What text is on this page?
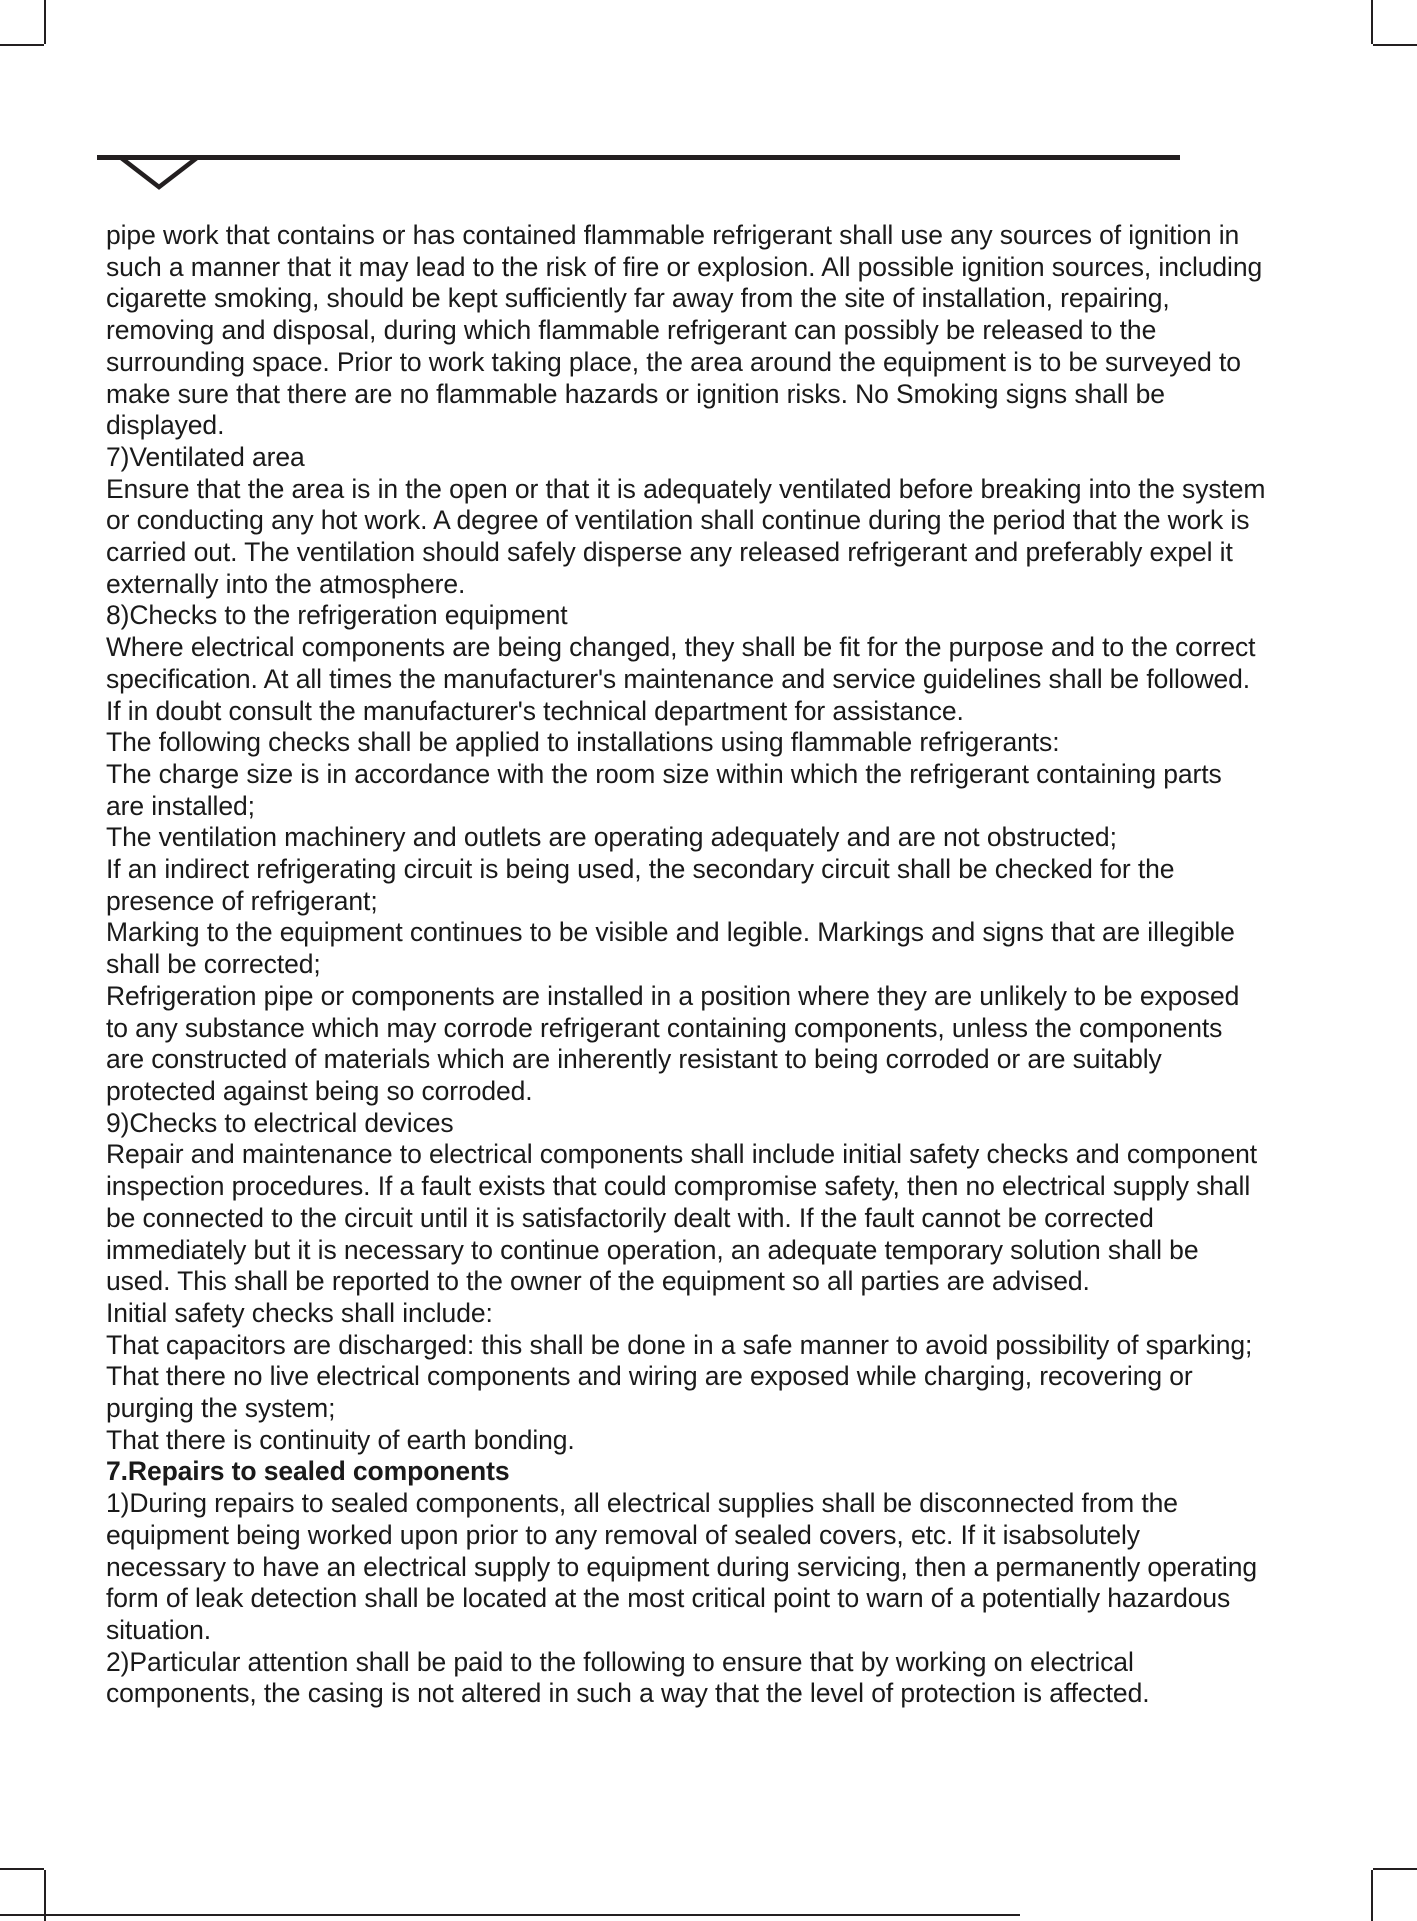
pipe work that contains or has contained flammable refrigerant shall use any sources of ignition in such a manner that it may lead to the risk of fire or explosion. All possible ignition sources, including cigarette smoking, should be kept sufficiently far away from the site of installation, repairing, removing and disposal, during which flammable refrigerant can possibly be released to the surrounding space. Prior to work taking place, the area around the equipment is to be surveyed to make sure that there are no flammable hazards or ignition risks. No Smoking signs shall be displayed.

7)Ventilated area

Ensure that the area is in the open or that it is adequately ventilated before breaking into the system or conducting any hot work. A degree of ventilation shall continue during the period that the work is carried out. The ventilation should safely disperse any released refrigerant and preferably expel it externally into the atmosphere.

8)Checks to the refrigeration equipment

Where electrical components are being changed, they shall be fit for the purpose and to the correct specification. At all times the manufacturer's maintenance and service guidelines shall be followed. If in doubt consult the manufacturer's technical department for assistance.

The following checks shall be applied to installations using flammable refrigerants:

The charge size is in accordance with the room size within which the refrigerant containing parts are installed;

The ventilation machinery and outlets are operating adequately and are not obstructed;

If an indirect refrigerating circuit is being used, the secondary circuit shall be checked for the presence of refrigerant;

Marking to the equipment continues to be visible and legible. Markings and signs that are illegible shall be corrected;

Refrigeration pipe or components are installed in a position where they are unlikely to be exposed to any substance which may corrode refrigerant containing components, unless the components are constructed of materials which are inherently resistant to being corroded or are suitably protected against being so corroded.

9)Checks to electrical devices

Repair and maintenance to electrical components shall include initial safety checks and component inspection procedures. If a fault exists that could compromise safety, then no electrical supply shall be connected to the circuit until it is satisfactorily dealt with. If the fault cannot be corrected immediately but it is necessary to continue operation, an adequate temporary solution shall be used. This shall be reported to the owner of the equipment so all parties are advised.

Initial safety checks shall include:

That capacitors are discharged: this shall be done in a safe manner to avoid possibility of sparking;

That there no live electrical components and wiring are exposed while charging, recovering or purging the system;

That there is continuity of earth bonding.

7.Repairs to sealed components

1)During repairs to sealed components, all electrical supplies shall be disconnected from the equipment being worked upon prior to any removal of sealed covers, etc. If it isabsolutely necessary to have an electrical supply to equipment during servicing, then a permanently operating form of leak detection shall be located at the most critical point to warn of a potentially hazardous situation.

2)Particular attention shall be paid to the following to ensure that by working on electrical components, the casing is not altered in such a way that the level of protection is affected.
